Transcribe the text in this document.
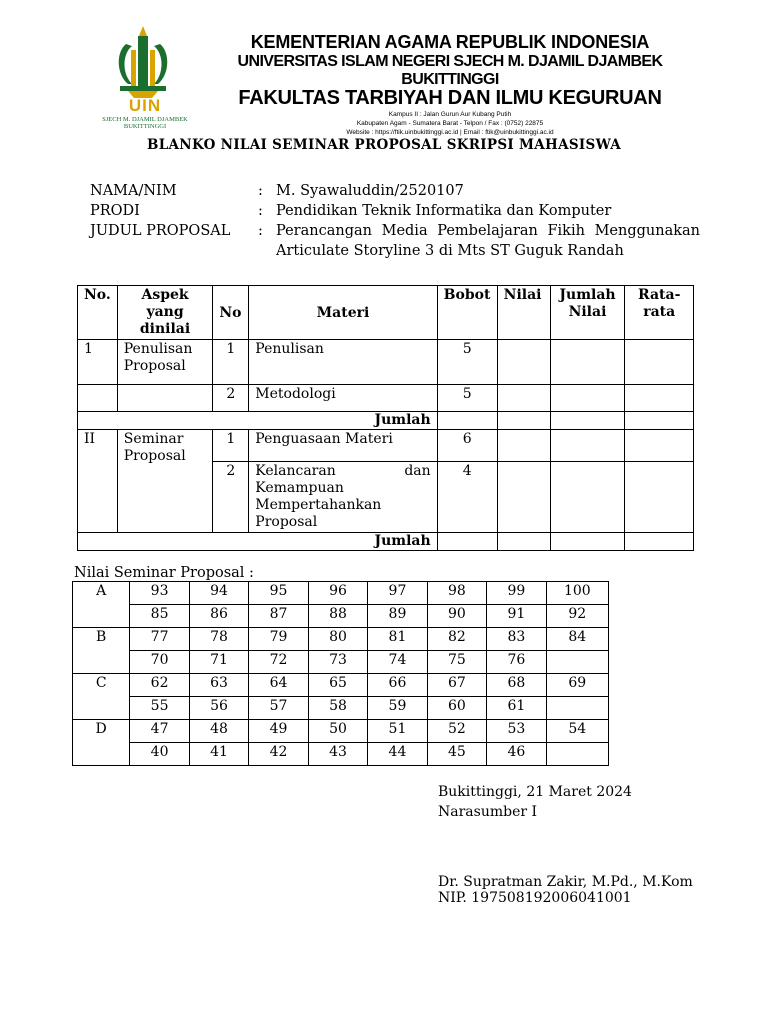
UIN
SJECH M. DJAMIL DJAMBEK
BUKITTINGGI
KEMENTERIAN AGAMA REPUBLIK INDONESIA
UNIVERSITAS ISLAM NEGERI SJECH M. DJAMIL DJAMBEK BUKITTINGGI
FAKULTAS TARBIYAH DAN ILMU KEGURUAN
Kampus II : Jalan Gurun Aur Kubang Putih
Kabupaten Agam - Sumatera Barat - Telpon / Fax : (0752) 22875
Website : https://ftik.uinbukittinggi.ac.id | Email : ftik@uinbukittinggi.ac.id
BLANKO NILAI SEMINAR PROPOSAL SKRIPSI MAHASISWA
NAMA/NIM	:	M. Syawaluddin/2520107
PRODI	:	Pendidikan Teknik Informatika dan Komputer
JUDUL PROPOSAL	:	Perancangan Media Pembelajaran Fikih Menggunakan Articulate Storyline 3 di Mts ST Guguk Randah
No.	Aspek yang dinilai	No	Materi	Bobot	Nilai	Jumlah Nilai	Rata-rata
1	Penulisan Proposal	1	Penulisan	5			
		2	Metodologi	5			
Jumlah							
II	Seminar Proposal	1	Penguasaan Materi	6			
		2	Kelancaran dan Kemampuan Mempertahankan Proposal	4			
Jumlah							
Nilai Seminar Proposal :
A	93	94	95	96	97	98	99	100
	85	86	87	88	89	90	91	92
B	77	78	79	80	81	82	83	84
	70	71	72	73	74	75	76	
C	62	63	64	65	66	67	68	69
	55	56	57	58	59	60	61	
D	47	48	49	50	51	52	53	54
	40	41	42	43	44	45	46	
Bukittinggi, 21 Maret 2024
Narasumber I
Dr. Supratman Zakir, M.Pd., M.Kom
NIP. 197508192006041001
